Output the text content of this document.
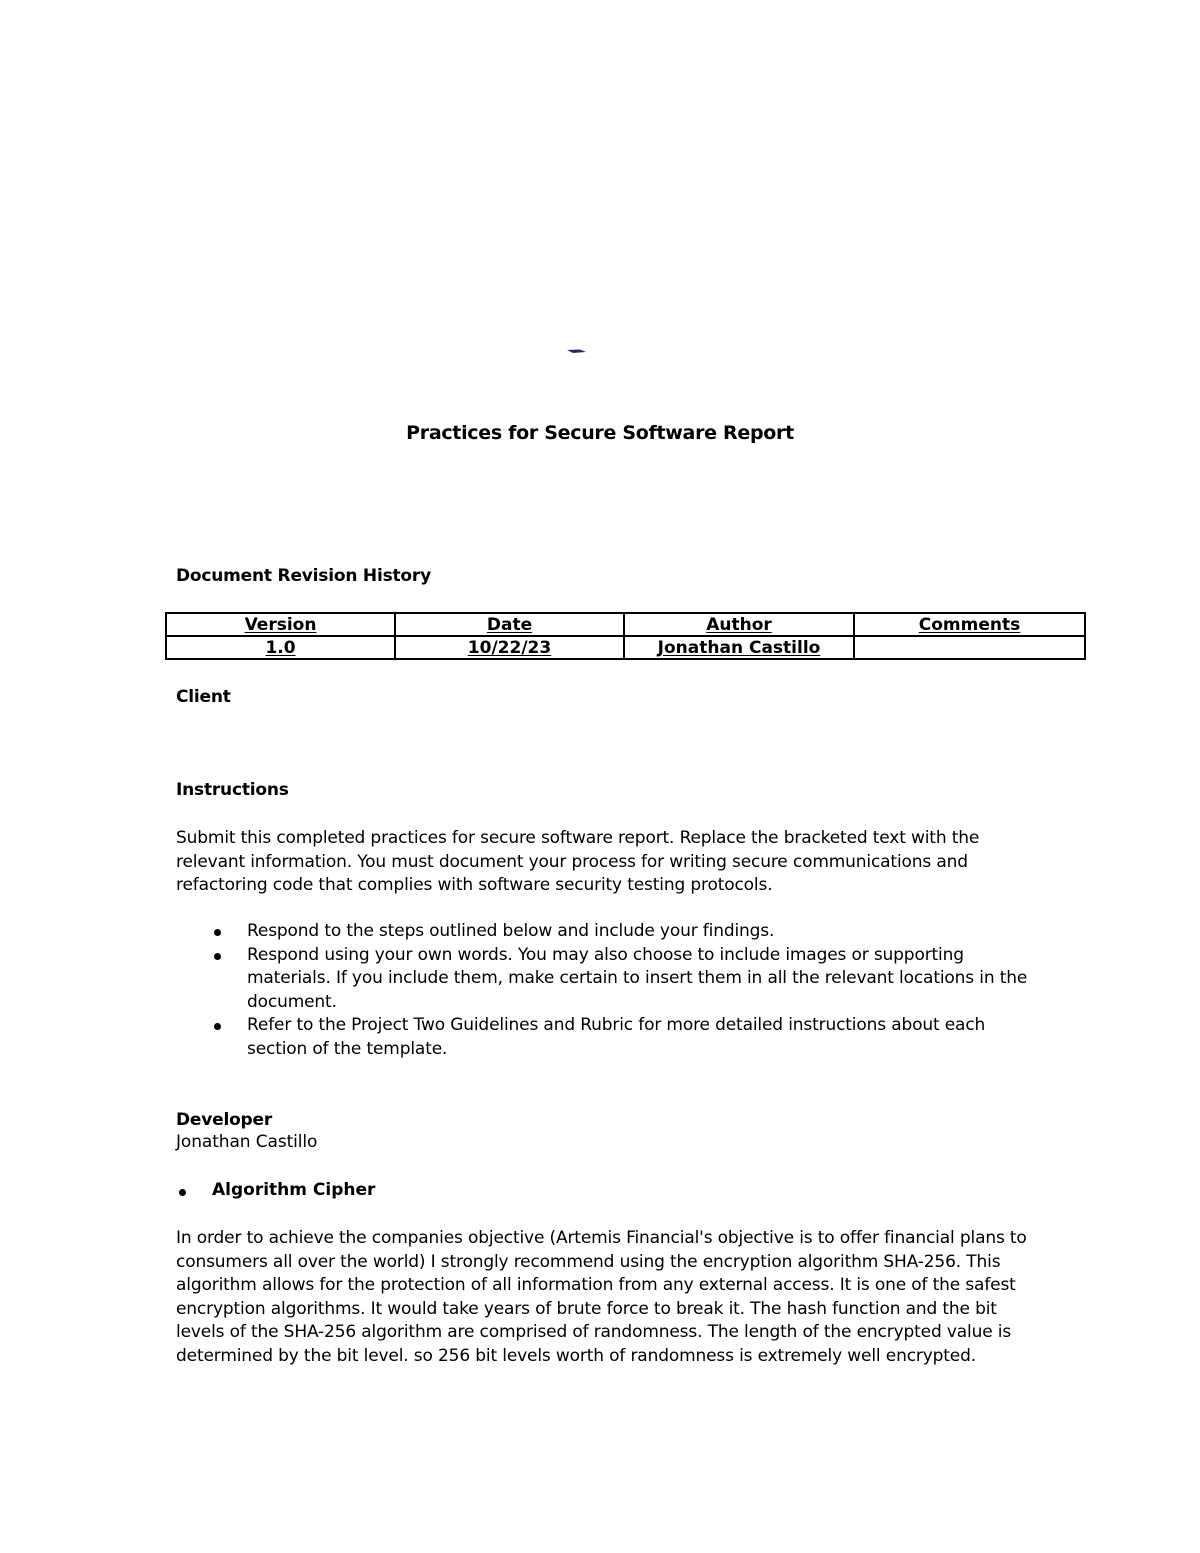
Practices for Secure Software Report
Document Revision History
Version	Date	Author	Comments
1.0	10/22/23	Jonathan Castillo	
Client
Instructions
Submit this completed practices for secure software report. Replace the bracketed text with the relevant information. You must document your process for writing secure communications and refactoring code that complies with software security testing protocols.
Respond to the steps outlined below and include your findings.
Respond using your own words. You may also choose to include images or supporting materials. If you include them, make certain to insert them in all the relevant locations in the document.
Refer to the Project Two Guidelines and Rubric for more detailed instructions about each section of the template.
Developer
Jonathan Castillo
Algorithm Cipher
In order to achieve the companies objective (Artemis Financial's objective is to offer financial plans to consumers all over the world) I strongly recommend using the encryption algorithm SHA-256. This algorithm allows for the protection of all information from any external access. It is one of the safest encryption algorithms. It would take years of brute force to break it. The hash function and the bit levels of the SHA-256 algorithm are comprised of randomness. The length of the encrypted value is determined by the bit level. so 256 bit levels worth of randomness is extremely well encrypted.
